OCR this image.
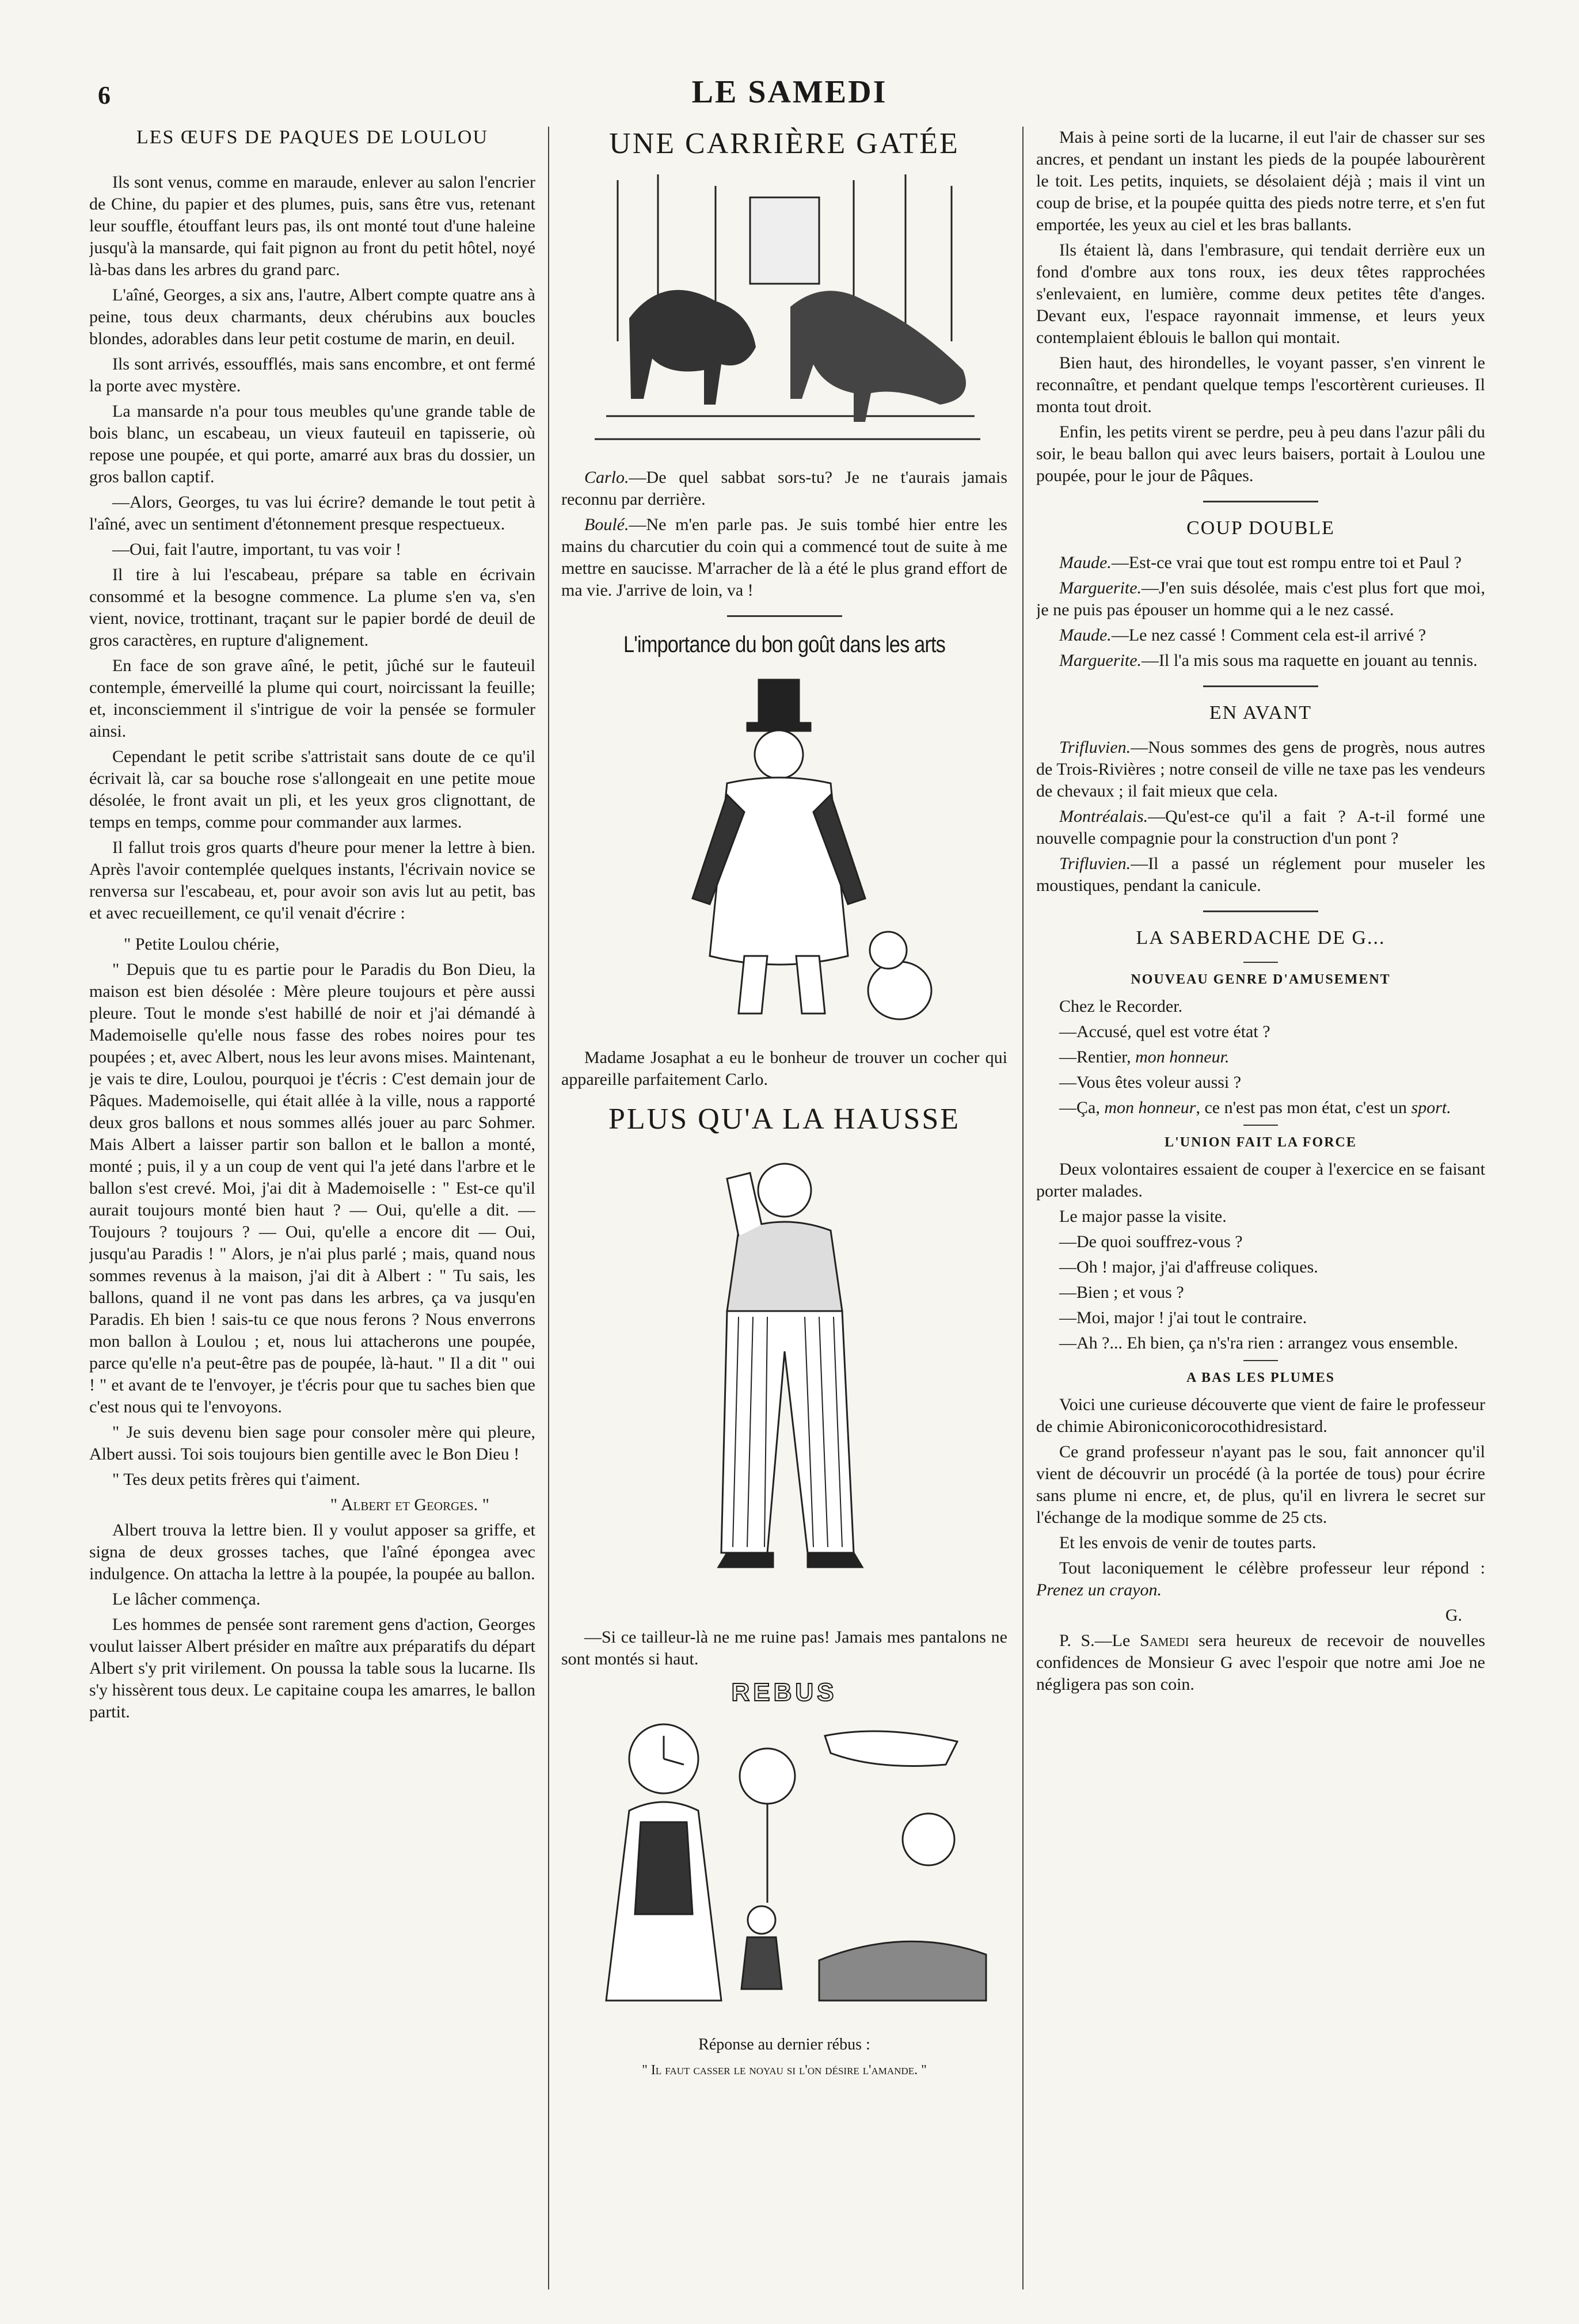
6	LE SAMEDI
LES ŒUFS DE PAQUES DE LOULOU

Ils sont venus, comme en maraude, enlever au salon l'encrier de Chine, du papier et des plumes, puis, sans être vus, retenant leur souffle, étouffant leurs pas, ils ont monté tout d'une haleine jusqu'à la mansarde, qui fait pignon au front du petit hôtel, noyé là-bas dans les arbres du grand parc.

L'aîné, Georges, a six ans, l'autre, Albert compte quatre ans à peine, tous deux charmants, deux chérubins aux boucles blondes, adorables dans leur petit costume de marin, en deuil.

Ils sont arrivés, essoufflés, mais sans encombre, et ont fermé la porte avec mystère.

La mansarde n'a pour tous meubles qu'une grande table de bois blanc, un escabeau, un vieux fauteuil en tapisserie, où repose une poupée, et qui porte, amarré aux bras du dossier, un gros ballon captif.

—Alors, Georges, tu vas lui écrire? demande le tout petit à l'aîné, avec un sentiment d'étonnement presque respectueux.

—Oui, fait l'autre, important, tu vas voir !

Il tire à lui l'escabeau, prépare sa table en écrivain consommé et la besogne commence. La plume s'en va, s'en vient, novice, trottinant, traçant sur le papier bordé de deuil de gros caractères, en rupture d'alignement.

En face de son grave aîné, le petit, jûché sur le fauteuil contemple, émerveillé la plume qui court, noircissant la feuille; et, inconsciemment il s'intrigue de voir la pensée se formuler ainsi.

Cependant le petit scribe s'attristait sans doute de ce qu'il écrivait là, car sa bouche rose s'allongeait en une petite moue désolée, le front avait un pli, et les yeux gros clignottant, de temps en temps, comme pour commander aux larmes.

Il fallut trois gros quarts d'heure pour mener la lettre à bien. Après l'avoir contemplée quelques instants, l'écrivain novice se renversa sur l'escabeau, et, pour avoir son avis lut au petit, bas et avec recueillement, ce qu'il venait d'écrire :

" Petite Loulou chérie,

" Depuis que tu es partie pour le Paradis du Bon Dieu, la maison est bien désolée : Mère pleure toujours et père aussi pleure. Tout le monde s'est habillé de noir et j'ai démandé à Mademoiselle qu'elle nous fasse des robes noires pour tes poupées ; et, avec Albert, nous les leur avons mises. Maintenant, je vais te dire, Loulou, pourquoi je t'écris : C'est demain jour de Pâques. Mademoiselle, qui était allée à la ville, nous a rapporté deux gros ballons et nous sommes allés jouer au parc Sohmer. Mais Albert a laisser partir son ballon et le ballon a monté, monté ; puis, il y a un coup de vent qui l'a jeté dans l'arbre et le ballon s'est crevé. Moi, j'ai dit à Mademoiselle : " Est-ce qu'il aurait toujours monté bien haut ? — Oui, qu'elle a dit. — Toujours ? toujours ? — Oui, qu'elle a encore dit — Oui, jusqu'au Paradis ! " Alors, je n'ai plus parlé ; mais, quand nous sommes revenus à la maison, j'ai dit à Albert : " Tu sais, les ballons, quand il ne vont pas dans les arbres, ça va jusqu'en Paradis. Eh bien ! sais-tu ce que nous ferons ? Nous enverrons mon ballon à Loulou ; et, nous lui attacherons une poupée, parce qu'elle n'a peut-être pas de poupée, là-haut. " Il a dit " oui ! " et avant de te l'envoyer, je t'écris pour que tu saches bien que c'est nous qui te l'envoyons.

" Je suis devenu bien sage pour consoler mère qui pleure, Albert aussi. Toi sois toujours bien gentille avec le Bon Dieu !

" Tes deux petits frères qui t'aiment.

" Albert et Georges. "

Albert trouva la lettre bien. Il y voulut apposer sa griffe, et signa de deux grosses taches, que l'aîné épongea avec indulgence. On attacha la lettre à la poupée, la poupée au ballon.

Le lâcher commença.

Les hommes de pensée sont rarement gens d'action, Georges voulut laisser Albert présider en maître aux préparatifs du départ Albert s'y prit virilement. On poussa la table sous la lucarne. Ils s'y hissèrent tous deux. Le capitaine coupa les amarres, le ballon partit.

UNE CARRIÈRE GATÉE

Carlo.—De quel sabbat sors-tu? Je ne t'aurais jamais reconnu par derrière.

Boulé.—Ne m'en parle pas. Je suis tombé hier entre les mains du charcutier du coin qui a commencé tout de suite à me mettre en saucisse. M'arracher de là a été le plus grand effort de ma vie. J'arrive de loin, va !

L'importance du bon goût dans les arts

Madame Josaphat a eu le bonheur de trouver un cocher qui appareille parfaitement Carlo.

PLUS QU'A LA HAUSSE

—Si ce tailleur-là ne me ruine pas! Jamais mes pantalons ne sont montés si haut.

REBUS

Réponse au dernier rébus :

" Il faut casser le noyau si l'on désire l'amande. "

Mais à peine sorti de la lucarne, il eut l'air de chasser sur ses ancres, et pendant un instant les pieds de la poupée labourèrent le toit. Les petits, inquiets, se désolaient déjà ; mais il vint un coup de brise, et la poupée quitta des pieds notre terre, et s'en fut emportée, les yeux au ciel et les bras ballants.

Ils étaient là, dans l'embrasure, qui tendait derrière eux un fond d'ombre aux tons roux, ies deux têtes rapprochées s'enlevaient, en lumière, comme deux petites tête d'anges. Devant eux, l'espace rayonnait immense, et leurs yeux contemplaient éblouis le ballon qui montait.

Bien haut, des hirondelles, le voyant passer, s'en vinrent le reconnaître, et pendant quelque temps l'escortèrent curieuses. Il monta tout droit.

Enfin, les petits virent se perdre, peu à peu dans l'azur pâli du soir, le beau ballon qui avec leurs baisers, portait à Loulou une poupée, pour le jour de Pâques.

COUP DOUBLE

Maude.—Est-ce vrai que tout est rompu entre toi et Paul ?

Marguerite.—J'en suis désolée, mais c'est plus fort que moi, je ne puis pas épouser un homme qui a le nez cassé.

Maude.—Le nez cassé ! Comment cela est-il arrivé ?

Marguerite.—Il l'a mis sous ma raquette en jouant au tennis.

EN AVANT

Trifluvien.—Nous sommes des gens de progrès, nous autres de Trois-Rivières ; notre conseil de ville ne taxe pas les vendeurs de chevaux ; il fait mieux que cela.

Montréalais.—Qu'est-ce qu'il a fait ? A-t-il formé une nouvelle compagnie pour la construction d'un pont ?

Trifluvien.—Il a passé un réglement pour museler les moustiques, pendant la canicule.

LA SABERDACHE DE G...
NOUVEAU GENRE D'AMUSEMENT

Chez le Recorder.

—Accusé, quel est votre état ?

—Rentier, mon honneur.

—Vous êtes voleur aussi ?

—Ça, mon honneur, ce n'est pas mon état, c'est un sport.

L'UNION FAIT LA FORCE

Deux volontaires essaient de couper à l'exercice en se faisant porter malades.

Le major passe la visite.

—De quoi souffrez-vous ?

—Oh ! major, j'ai d'affreuse coliques.

—Bien ; et vous ?

—Moi, major ! j'ai tout le contraire.

—Ah ?... Eh bien, ça n's'ra rien : arrangez vous ensemble.

A BAS LES PLUMES

Voici une curieuse découverte que vient de faire le professeur de chimie Abironiconicorocothidresistard.

Ce grand professeur n'ayant pas le sou, fait annoncer qu'il vient de découvrir un procédé (à la portée de tous) pour écrire sans plume ni encre, et, de plus, qu'il en livrera le secret sur l'échange de la modique somme de 25 cts.

Et les envois de venir de toutes parts.

Tout laconiquement le célèbre professeur leur répond : Prenez un crayon.

G.

P. S.—Le Samedi sera heureux de recevoir de nouvelles confidences de Monsieur G avec l'espoir que notre ami Joe ne négligera pas son coin.
